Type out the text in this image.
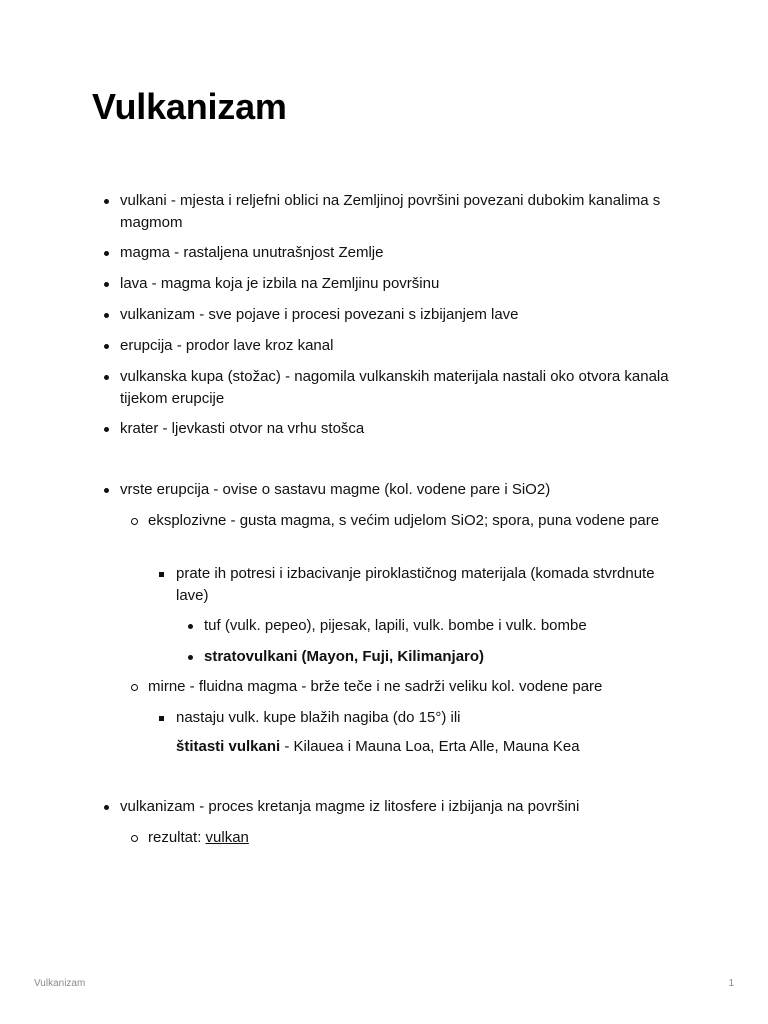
Vulkanizam
vulkani - mjesta i reljefni oblici na Zemljinoj površini povezani dubokim kanalima s magmom
magma - rastaljena unutrašnjost Zemlje
lava - magma koja je izbila na Zemljinu površinu
vulkanizam - sve pojave i procesi povezani s izbijanjem lave
erupcija - prodor lave kroz kanal
vulkanska kupa (stožac) - nagomila vulkanskih materijala nastali oko otvora kanala tijekom erupcije
krater - ljevkasti otvor na vrhu stošca
vrste erupcija - ovise o sastavu magme (kol. vodene pare i SiO2)
eksplozivne - gusta magma, s većim udjelom SiO2; spora, puna vodene pare
prate ih potresi i izbacivanje piroklastičnog materijala (komada stvrdnute lave)
tuf (vulk. pepeo), pijesak, lapili, vulk. bombe i vulk. bombe
stratovulkani (Mayon, Fuji, Kilimanjaro)
mirne - fluidna magma - brže teče i ne sadrži veliku kol. vodene pare
nastaju vulk. kupe blažih nagiba (do 15°) ili
štitasti vulkani - Kilauea i Mauna Loa, Erta Alle, Mauna Kea
vulkanizam - proces kretanja magme iz litosfere i izbijanja na površini
rezultat: vulkan
Vulkanizam	1
